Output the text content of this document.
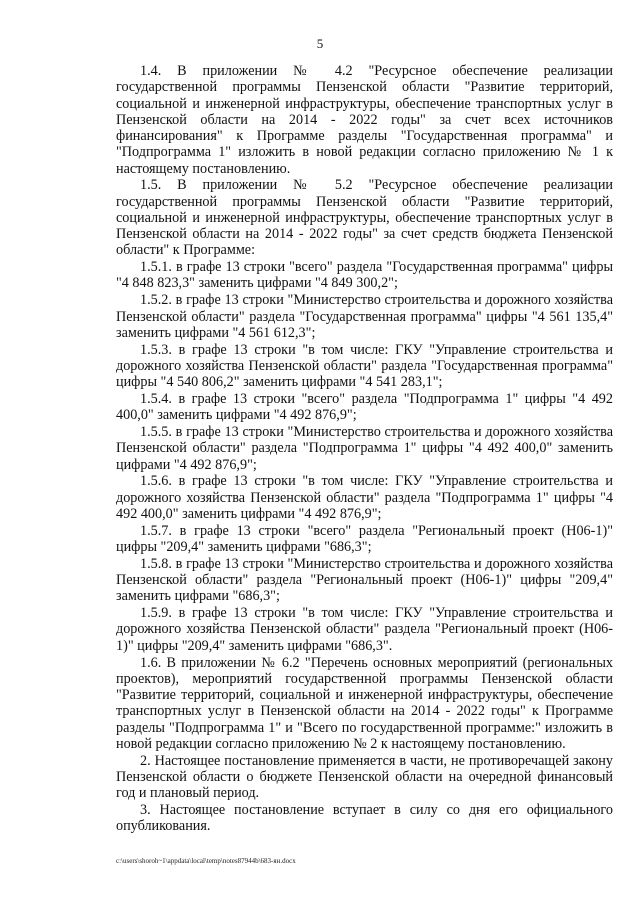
5

1.4. В приложении № 4.2 "Ресурсное обеспечение реализации государственной программы Пензенской области "Развитие территорий, социальной и инженерной инфраструктуры, обеспечение транспортных услуг в Пензенской области на 2014 - 2022 годы" за счет всех источников финансирования" к Программе разделы "Государственная программа" и "Подпрограмма 1" изложить в новой редакции согласно приложению № 1 к настоящему постановлению.

1.5. В приложении № 5.2 "Ресурсное обеспечение реализации государственной программы Пензенской области "Развитие территорий, социальной и инженерной инфраструктуры, обеспечение транспортных услуг в Пензенской области на 2014 - 2022 годы" за счет средств бюджета Пензенской области" к Программе:

1.5.1. в графе 13 строки "всего" раздела "Государственная программа" цифры "4 848 823,3" заменить цифрами "4 849 300,2";

1.5.2. в графе 13 строки "Министерство строительства и дорожного хозяйства Пензенской области" раздела "Государственная программа" цифры "4 561 135,4" заменить цифрами "4 561 612,3";

1.5.3. в графе 13 строки "в том числе: ГКУ "Управление строительства и дорожного хозяйства Пензенской области" раздела "Государственная программа" цифры "4 540 806,2" заменить цифрами "4 541 283,1";

1.5.4. в графе 13 строки "всего" раздела "Подпрограмма 1" цифры "4 492 400,0" заменить цифрами "4 492 876,9";

1.5.5. в графе 13 строки "Министерство строительства и дорожного хозяйства Пензенской области" раздела "Подпрограмма 1" цифры "4 492 400,0" заменить цифрами "4 492 876,9";

1.5.6. в графе 13 строки "в том числе: ГКУ "Управление строительства и дорожного хозяйства Пензенской области" раздела "Подпрограмма 1" цифры "4 492 400,0" заменить цифрами "4 492 876,9";

1.5.7. в графе 13 строки "всего" раздела "Региональный проект (Н06-1)" цифры "209,4" заменить цифрами "686,3";

1.5.8. в графе 13 строки "Министерство строительства и дорожного хозяйства Пензенской области" раздела "Региональный проект (Н06-1)" цифры "209,4" заменить цифрами "686,3";

1.5.9. в графе 13 строки "в том числе: ГКУ "Управление строительства и дорожного хозяйства Пензенской области" раздела "Региональный проект (Н06-1)" цифры "209,4" заменить цифрами "686,3".

1.6. В приложении № 6.2 "Перечень основных мероприятий (региональных проектов), мероприятий государственной программы Пензенской области "Развитие территорий, социальной и инженерной инфраструктуры, обеспечение транспортных услуг в Пензенской области на 2014 - 2022 годы" к Программе разделы "Подпрограмма 1" и "Всего по государственной программе:" изложить в новой редакции согласно приложению № 2 к настоящему постановлению.

2. Настоящее постановление применяется в части, не противоречащей закону Пензенской области о бюджете Пензенской области на очередной финансовый год и плановый период.

3. Настоящее постановление вступает в силу со дня его официального опубликования.

c:\users\shoroh~1\appdata\local\temp\notes87944b\683-ян.docx
